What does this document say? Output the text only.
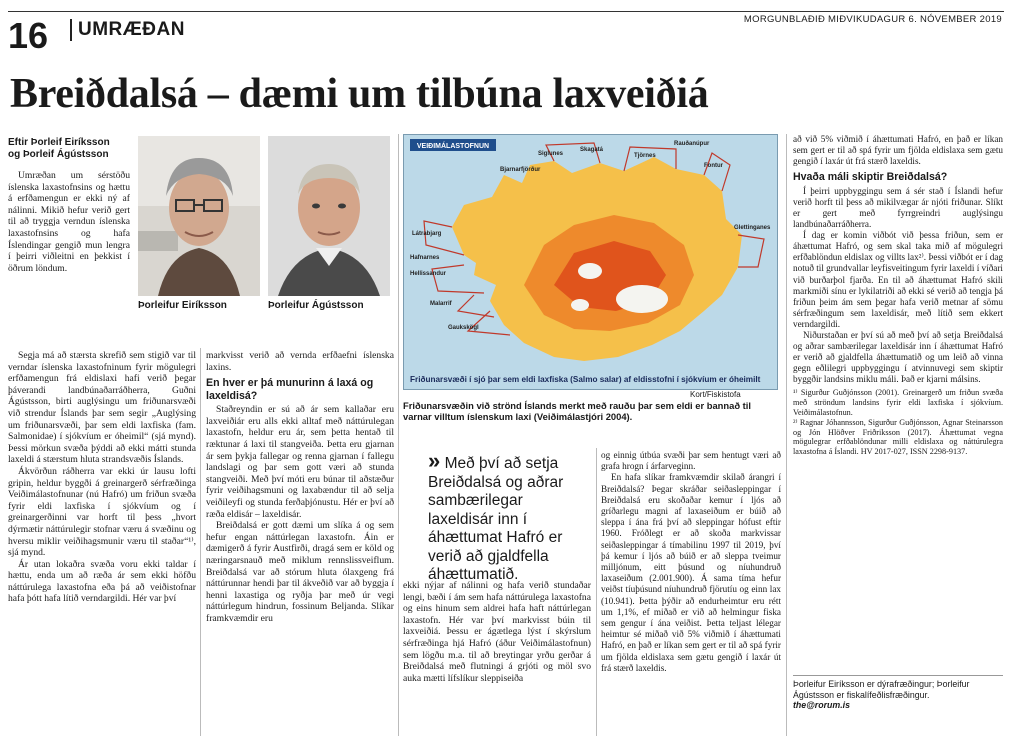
16	UMRÆÐAN	MORGUNBLAÐIÐ MIÐVIKUDAGUR 6. NÓVEMBER 2019
Breiðdalsá – dæmi um tilbúna laxveiðiá
Eftir Þorleif Eiríksson og Þorleif Ágústsson
Þorleifur Eiríksson	Þorleifur Ágústsson

Umræðan um sérstöðu íslenska laxastofnsins og hættu á erfðamengun er ekki ný af nálinni. Mikið hefur verið gert til að tryggja verndun íslenska laxastofnsins og hafa Íslendingar gengið mun lengra í þeirri viðleitni en þekkist í öðrum löndum.

Segja má að stærsta skrefið sem stigið var til verndar íslenska laxastofninum fyrir mögulegri erfðamengun frá eldislaxi hafi verið þegar þáverandi landbúnaðarráðherra, Guðni Ágústsson, birti auglýsingu um friðunarsvæði við strendur Íslands þar sem segir „Auglýsing um friðunarsvæði, þar sem eldi laxfiska (fam. Salmonidae) í sjókvíum er óheimil“ (sjá mynd). Þessi mörkun svæða þýddi að ekki mátti stunda laxeldi á stærstum hluta strandsvæðis Íslands.

Ákvörðun ráðherra var ekki úr lausu lofti gripin, heldur byggði á greinargerð sérfræðinga Veiðimálastofnunar (nú Hafró) um friðun svæða fyrir eldi laxfiska í sjókvíum og í greinargerðinni var horft til þess „hvort dýrmætir náttúrulegir stofnar væru á svæðinu og hversu miklir veiðihagsmunir væru til staðar“¹⁾, sjá mynd.

Ár utan lokaðra svæða voru ekki taldar í hættu, enda um að ræða ár sem ekki höfðu náttúrulega laxastofna eða þá að veiðistofnar hafa þótt hafa lítið verndargildi. Hér var því

markvisst verið að vernda erfðaefni íslenska laxins.

En hver er þá munurinn á laxá og laxeldisá?

Staðreyndin er sú að ár sem kallaðar eru laxveiðiár eru alls ekki alltaf með náttúrulegan laxastofn, heldur eru ár, sem þetta hentað til ræktunar á laxi til stangveiða. Þetta eru gjarnan ár sem þykja fallegar og renna gjarnan í fallegu landslagi og þar sem gott væri að stunda stangveiði. Með því móti eru búnar til aðstæður fyrir veiðihagsmuni og laxabændur til að selja veiðileyfi og stunda ferðaþjónustu. Hér er því að ræða eldisár – laxeldisár.

Breiðdalsá er gott dæmi um slíka á og sem hefur engan náttúrlegan laxastofn. Áin er dæmigerð á fyrir Austfirði, dragá sem er köld og næringarsnauð með miklum rennslissveiflum. Breiðdalsá var að stórum hluta ólaxgeng frá náttúrunnar hendi þar til ákveðið var að byggja í henni laxastiga og ryðja þar með úr vegi náttúrlegum hindrun, fossinum Beljanda. Slíkar framkvæmdir eru

VEIÐIMÁLASTOFNUN
Látrabjarg
Hafnarnes
Hellissandur
Malarrif
Gaukskögl
Siglunes
Skagatá
Bjarnarfjörður
Tjörnes
Rauðanúpur
Fontur
Glettinganes
Friðunarsvæði í sjó þar sem eldi laxfiska (Salmo salar) af eldisstofni í sjókvíum er óheimilt
Kort/Fiskistofa
Friðunarsvæðin við strönd Íslands merkt með rauðu þar sem eldi er bannað til varnar villtum íslenskum laxi (Veiðimálastjóri 2004).
» Með því að setja Breiðdalsá og aðrar sambærilegar laxeldisár inn í áhættumat Hafró er verið að gjaldfella áhættumatið.

ekki nýjar af nálinni og hafa verið stundaðar lengi, bæði í ám sem hafa náttúrulega laxastofna og eins hinum sem aldrei hafa haft náttúrlegan laxastofn. Hér var því markvisst búin til laxveiðiá. Þessu er ágætlega lýst í skýrslum sérfræðinga hjá Hafró (áður Veiðimálastofnun) sem lögðu m.a. til að breytingar yrðu gerðar á Breiðdalsá með flutningi á grjóti og möl svo auka mætti lífslíkur sleppiseiða

og einnig útbúa svæði þar sem hentugt væri að grafa hrogn í árfarveginn.

En hafa slíkar framkvæmdir skilað árangri í Breiðdalsá? Þegar skráðar seiðasleppingar í Breiðdalsá eru skoðaðar kemur í ljós að gríðarlegu magni af laxaseiðum er búið að sleppa í ána frá því að sleppingar hófust eftir 1960. Fróðlegt er að skoða markvissar seiðasleppingar á tímabilinu 1997 til 2019, því þá kemur í ljós að búið er að sleppa tveimur milljónum, eitt þúsund og níuhundruð laxaseiðum (2.001.900). Á sama tíma hefur veiðst tíuþúsund níuhundruð fjörutíu og einn lax (10.941). Þetta þýðir að endurheimtur eru rétt um 1,1%, ef miðað er við að helmingur fiska sem gengur í ána veiðist. Þetta teljast lélegar heimtur sé miðað við 5% viðmið í áhættumati Hafró, en það er líkan sem gert er til að spá fyrir um fjölda eldislaxa sem gætu gengið í laxár út frá stærð laxeldis.

að við 5% viðmið í áhættumati Hafró, en það er líkan sem gert er til að spá fyrir um fjölda eldislaxa sem gætu gengið í laxár út frá stærð laxeldis.

Hvaða máli skiptir Breiðdalsá?

Í þeirri uppbyggingu sem á sér stað í Íslandi hefur verið horft til þess að mikilvægar ár njóti friðunar. Slíkt er gert með fyrrgreindri auglýsingu landbúnaðarráðherra.

Í dag er komin viðbót við þessa friðun, sem er áhættumat Hafró, og sem skal taka mið af mögulegri erfðablöndun eldislax og villts lax²⁾. Þessi viðbót er í dag notuð til grundvallar leyfisveitingum fyrir laxeldi í víðari við burðarþol fjarða. En til að áhættumat Hafró skili markmiði sínu er lykilatriði að ekki sé verið að tengja þá friðun þeim ám sem þegar hafa verið metnar af sömu sérfræðingum sem laxeldisár, með lítið sem ekkert verndargildi.

Niðurstaðan er því sú að með því að setja Breiðdalsá og aðrar sambærilegar laxeldisár inn í áhættumat Hafró er verið að gjaldfella áhættumatið og um leið að vinna gegn eðlilegri uppbyggingu í atvinnuvegi sem skiptir byggðir landsins miklu máli. Það er kjarni málsins.

¹⁾ Sigurður Guðjónsson (2001). Greinargerð um friðun svæða með ströndum landsins fyrir eldi laxfiska í sjókvíum. Veiðimálastofnun.
²⁾ Ragnar Jóhannsson, Sigurður Guðjónsson, Agnar Steinarsson og Jón Hlöðver Friðriksson (2017). Áhættumat vegna mögulegrar erfðablöndunar milli eldislaxa og náttúrulegra laxastofna á Íslandi. HV 2017-027, ISSN 2298-9137.
Þorleifur Eiríksson er dýrafræðingur; Þorleifur Ágústsson er fiskalífeðlisfræðingur.
the@rorum.is
